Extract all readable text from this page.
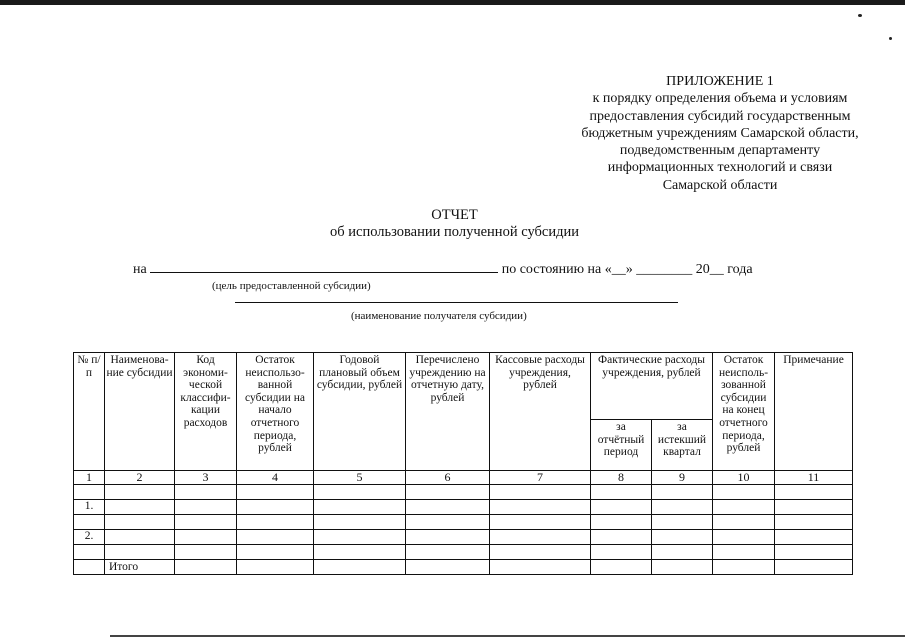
ПРИЛОЖЕНИЕ 1
к порядку определения объема и условиям
предоставления субсидий государственным
бюджетным учреждениям Самарской области,
подведомственным департаменту
информационных технологий и связи
Самарской области
ОТЧЕТ
об использовании полученной субсидии
на	по состоянию на «__» ________ 20__ года
(цель предоставленной субсидии)
(наименование получателя субсидии)
№ п/п	Наименова-ние субсидии	Код экономи-ческой классифи-кации расходов	Остаток неиспользо-ванной субсидии на начало отчетного периода, рублей	Годовой плановый объем субсидии, рублей	Перечислено учреждению на отчетную дату, рублей	Кассовые расходы учреждения, рублей	Фактические расходы учреждения, рублей		Остаток неисполь-зованной субсидии на конец отчетного периода, рублей	Примечание
							за отчётный период	за истекший квартал		
1	2	3	4	5	6	7	8	9	10	11

1.										

2.										

	Итого									
